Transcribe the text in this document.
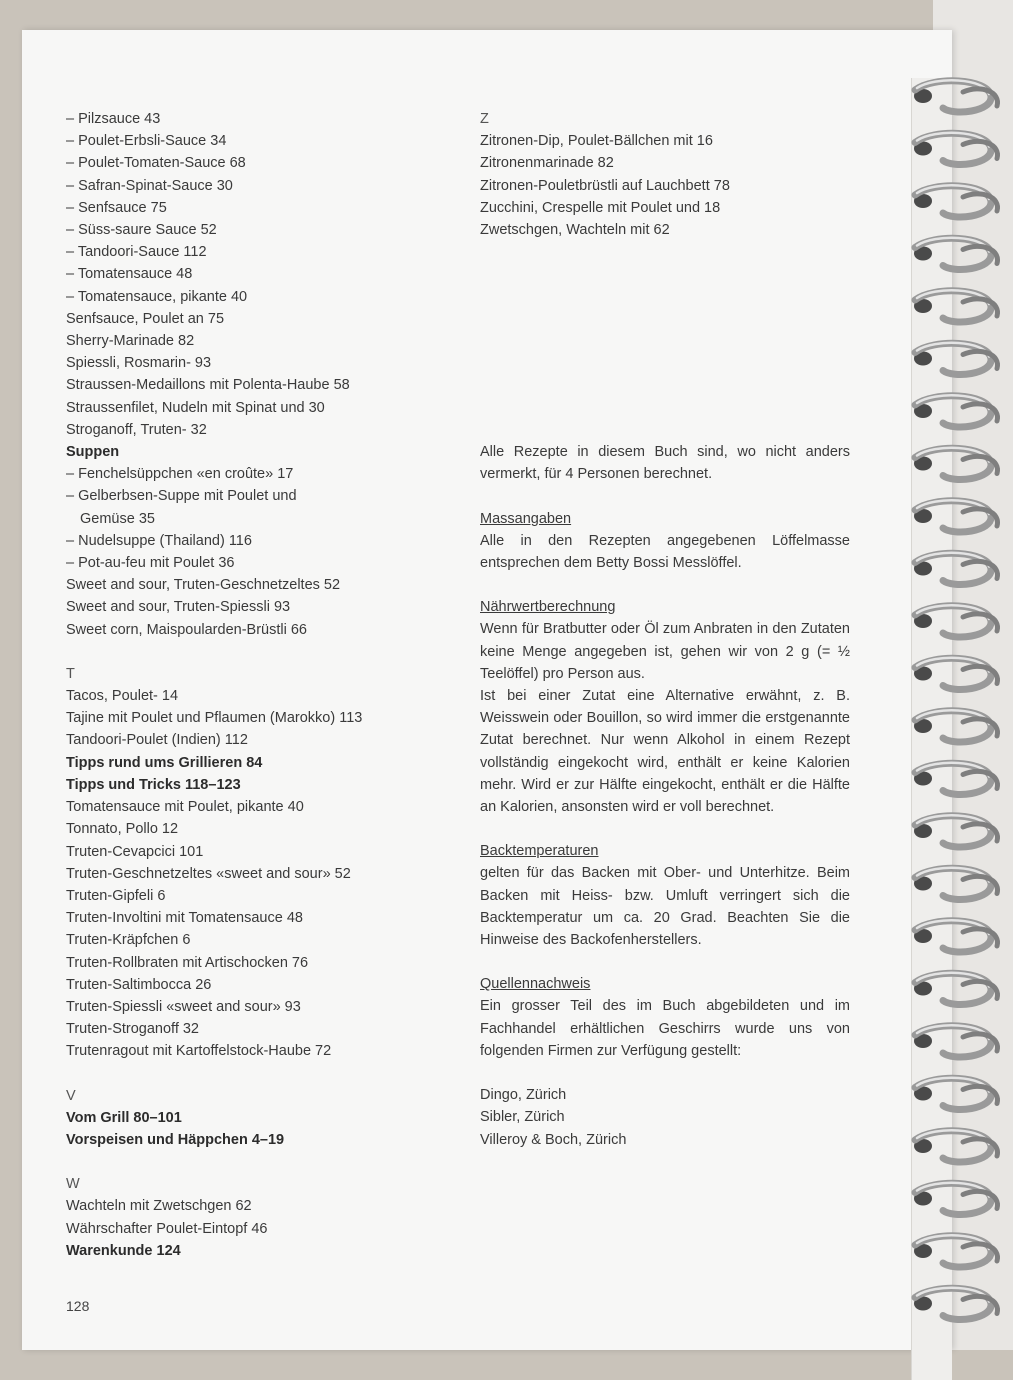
– Pilzsauce 43
– Poulet-Erbsli-Sauce 34
– Poulet-Tomaten-Sauce 68
– Safran-Spinat-Sauce 30
– Senfsauce 75
– Süss-saure Sauce 52
– Tandoori-Sauce 112
– Tomatensauce 48
– Tomatensauce, pikante 40
Senfsauce, Poulet an 75
Sherry-Marinade 82
Spiessli, Rosmarin- 93
Straussen-Medaillons mit Polenta-Haube 58
Straussenfilet, Nudeln mit Spinat und 30
Stroganoff, Truten- 32
Suppen
– Fenchelsüppchen «en croûte» 17
– Gelberbsen-Suppe mit Poulet und
Gemüse 35
– Nudelsuppe (Thailand) 116
– Pot-au-feu mit Poulet 36
Sweet and sour, Truten-Geschnetzeltes 52
Sweet and sour, Truten-Spiessli 93
Sweet corn, Maispoularden-Brüstli 66
T
Tacos, Poulet- 14
Tajine mit Poulet und Pflaumen (Marokko) 113
Tandoori-Poulet (Indien) 112
Tipps rund ums Grillieren 84
Tipps und Tricks 118–123
Tomatensauce mit Poulet, pikante 40
Tonnato, Pollo 12
Truten-Cevapcici 101
Truten-Geschnetzeltes «sweet and sour» 52
Truten-Gipfeli 6
Truten-Involtini mit Tomatensauce 48
Truten-Kräpfchen 6
Truten-Rollbraten mit Artischocken 76
Truten-Saltimbocca 26
Truten-Spiessli «sweet and sour» 93
Truten-Stroganoff 32
Trutenragout mit Kartoffelstock-Haube 72
V
Vom Grill 80–101
Vorspeisen und Häppchen 4–19
W
Wachteln mit Zwetschgen 62
Währschafter Poulet-Eintopf 46
Warenkunde 124
Z
Zitronen-Dip, Poulet-Bällchen mit 16
Zitronenmarinade 82
Zitronen-Pouletbrüstli auf Lauchbett 78
Zucchini, Crespelle mit Poulet und 18
Zwetschgen, Wachteln mit 62
Alle Rezepte in diesem Buch sind, wo nicht anders vermerkt, für 4 Personen berechnet.
Massangaben
Alle in den Rezepten angegebenen Löffelmasse entsprechen dem Betty Bossi Messlöffel.
Nährwertberechnung
Wenn für Bratbutter oder Öl zum Anbraten in den Zutaten keine Menge angegeben ist, gehen wir von 2 g (= ½ Teelöffel) pro Person aus.
Ist bei einer Zutat eine Alternative erwähnt, z. B. Weisswein oder Bouillon, so wird immer die erstgenannte Zutat berechnet. Nur wenn Alkohol in einem Rezept vollständig eingekocht wird, enthält er keine Kalorien mehr. Wird er zur Hälfte eingekocht, enthält er die Hälfte an Kalorien, ansonsten wird er voll berechnet.
Backtemperaturen
gelten für das Backen mit Ober- und Unterhitze. Beim Backen mit Heiss- bzw. Umluft verringert sich die Backtemperatur um ca. 20 Grad. Beachten Sie die Hinweise des Backofenherstellers.
Quellennachweis
Ein grosser Teil des im Buch abgebildeten und im Fachhandel erhältlichen Geschirrs wurde uns von folgenden Firmen zur Verfügung gestellt:
Dingo, Zürich
Sibler, Zürich
Villeroy & Boch, Zürich
128
